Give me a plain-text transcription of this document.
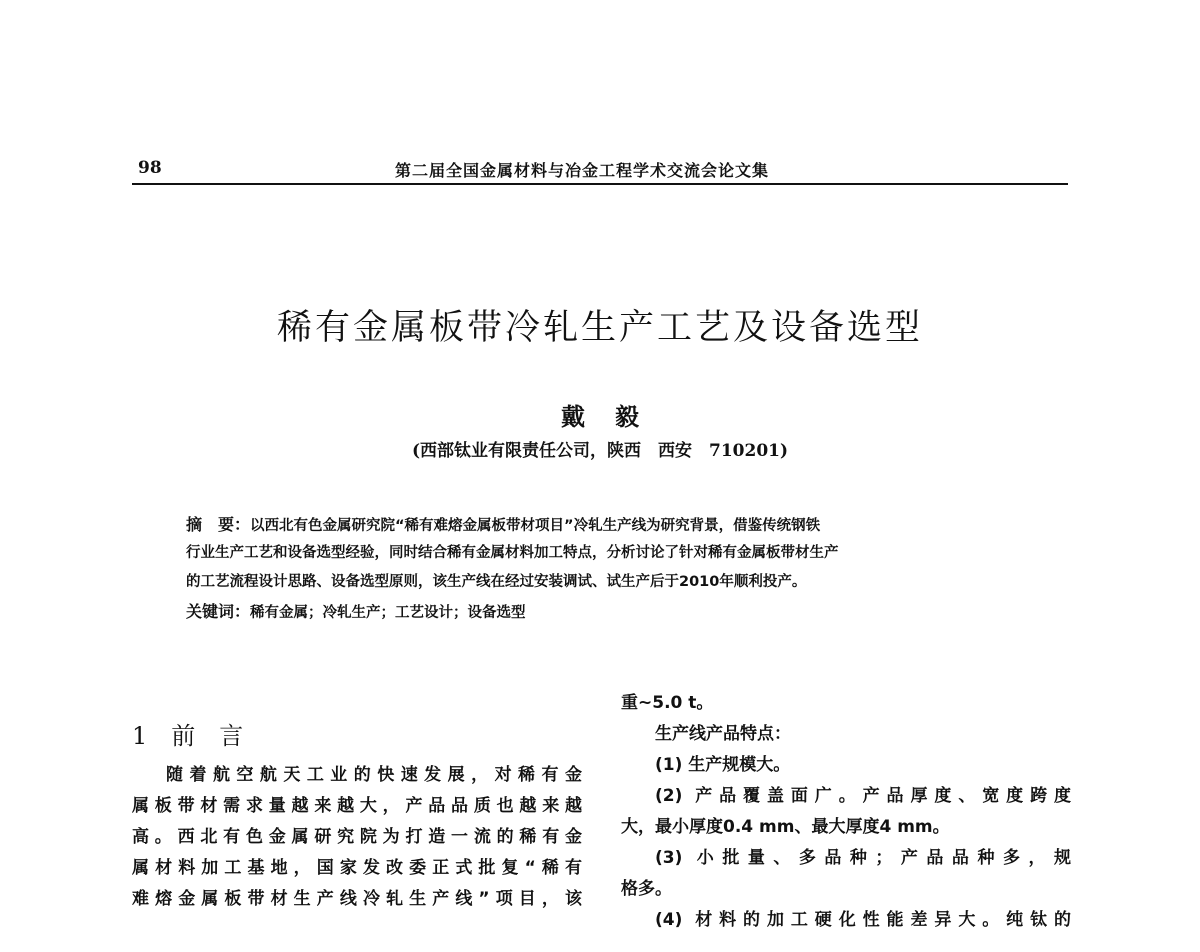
98	第二届全国金属材料与冶金工程学术交流会论文集
稀有金属板带冷轧生产工艺及设备选型
戴 毅
(西部钛业有限责任公司，陕西　西安　710201)
摘　要：以西北有色金属研究院“稀有难熔金属板带材项目”冷轧生产线为研究背景，借鉴传统钢铁
行业生产工艺和设备选型经验，同时结合稀有金属材料加工特点，分析讨论了针对稀有金属板带材生产
的工艺流程设计思路、设备选型原则，该生产线在经过安装调试、试生产后于2010年顺利投产。
关键词：稀有金属；冷轧生产；工艺设计；设备选型
1　前　言
随着航空航天工业的快速发展，对稀有金
属板带材需求量越来越大，产品品质也越来越
高。西北有色金属研究院为打造一流的稀有金
属材料加工基地，国家发改委正式批复“稀有
难熔金属板带材生产线冷轧生产线”项目，该
重~5.0 t。
生产线产品特点：
(1) 生产规模大。
(2) 产品覆盖面广。产品厚度、宽度跨度
大，最小厚度0.4 mm、最大厚度4 mm。
(3) 小批量、多品种；产品品种多，规
格多。
(4) 材料的加工硬化性能差异大。纯钛的
